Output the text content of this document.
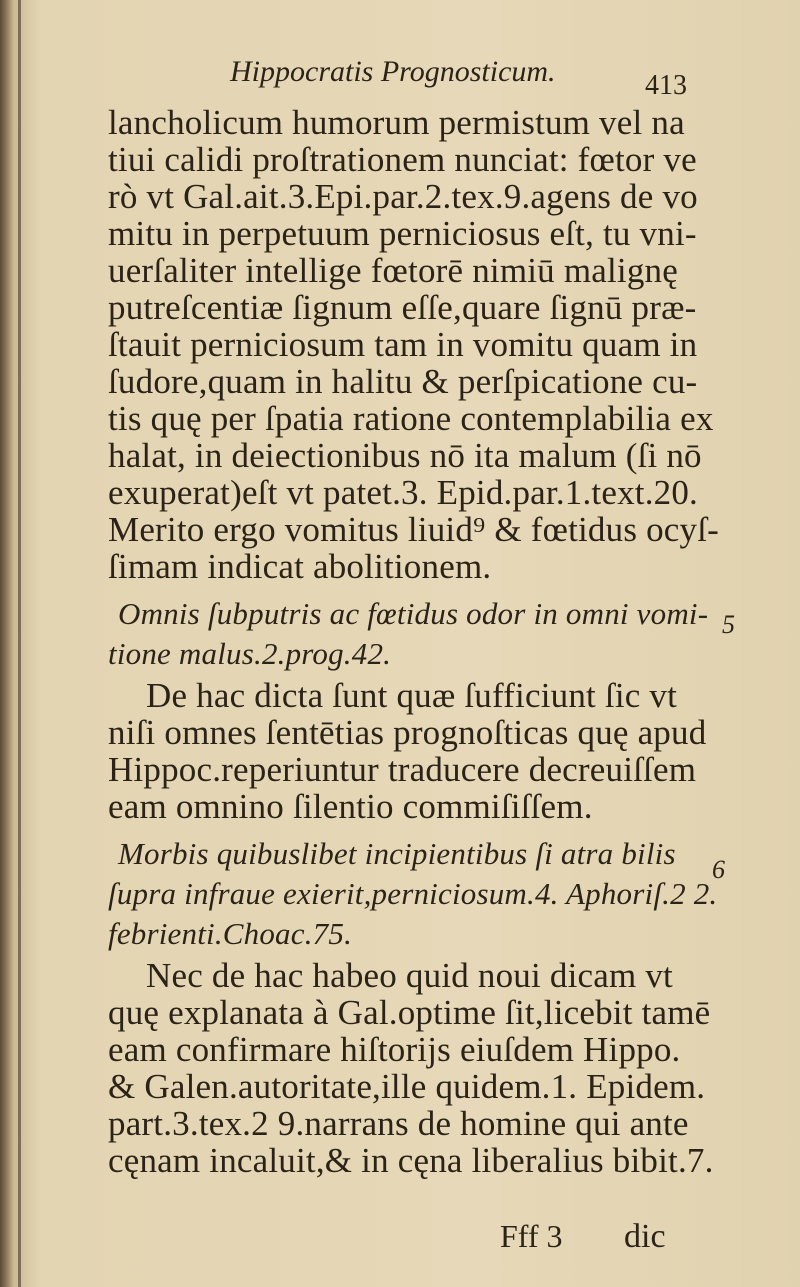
Hippocratis Prognosticum.	413
lancholicum humorum permistum vel na
tiui calidi proſtrationem nunciat: fœtor ve
rò vt Gal.ait.3.Epi.par.2.tex.9.agens de vo
mitu in perpetuum perniciosus eſt, tu vni-
uerſaliter intellige fœtorē nimiū malignę
putreſcentiæ ſignum eſſe,quare ſignū præ-
ſtauit perniciosum tam in vomitu quam in
ſudore,quam in halitu & perſpicatione cu-
tis quę per ſpatia ratione contemplabilia ex
halat, in deiectionibus nō ita malum (ſi nō
exuperat)eſt vt patet.3. Epid.par.1.text.20.
Merito ergo vomitus liuid⁹ & fœtidus ocyſ-
ſimam indicat abolitionem.
Omnis ſubputris ac fœtidus odor in omni vomi-
tione malus.2.prog.42.
De hac dicta ſunt quæ ſufficiunt ſic vt
niſi omnes ſentētias prognoſticas quę apud
Hippoc.reperiuntur traducere decreuiſſem
eam omnino ſilentio commiſiſſem.
Morbis quibuslibet incipientibus ſi atra bilis
ſupra infraue exierit,perniciosum.4. Aphoriſ.2 2.
febrienti.Choac.75.
Nec de hac habeo quid noui dicam vt
quę explanata à Gal.optime ſit,licebit tamē
eam confirmare hiſtorijs eiuſdem Hippo.
& Galen.autoritate,ille quidem.1. Epidem.
part.3.tex.2 9.narrans de homine qui ante
cęnam incaluit,& in cęna liberalius bibit.7.
5
6
Fff 3 dic
